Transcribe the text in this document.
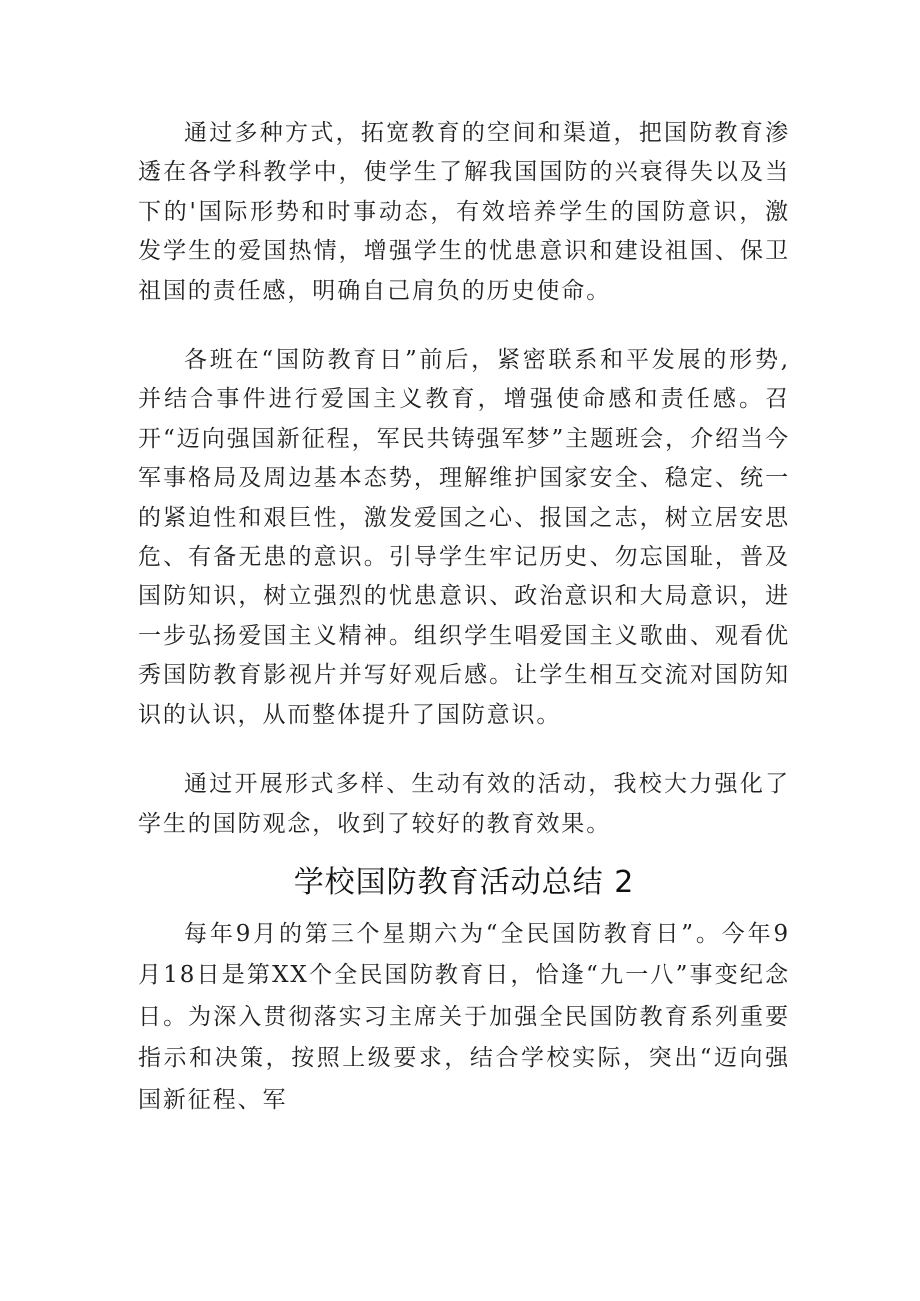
通过多种方式，拓宽教育的空间和渠道，把国防教育渗透在各学科教学中，使学生了解我国国防的兴衰得失以及当下的'国际形势和时事动态，有效培养学生的国防意识，激发学生的爱国热情，增强学生的忧患意识和建设祖国、保卫祖国的责任感，明确自己肩负的历史使命。

各班在“国防教育日”前后，紧密联系和平发展的形势,并结合事件进行爱国主义教育，增强使命感和责任感。召开“迈向强国新征程，军民共铸强军梦”主题班会，介绍当今军事格局及周边基本态势，理解维护国家安全、稳定、统一的紧迫性和艰巨性，激发爱国之心、报国之志，树立居安思危、有备无患的意识。引导学生牢记历史、勿忘国耻，普及国防知识，树立强烈的忧患意识、政治意识和大局意识，进一步弘扬爱国主义精神。组织学生唱爱国主义歌曲、观看优秀国防教育影视片并写好观后感。让学生相互交流对国防知识的认识，从而整体提升了国防意识。

通过开展形式多样、生动有效的活动，我校大力强化了学生的国防观念，收到了较好的教育效果。

学校国防教育活动总结 2

每年9月的第三个星期六为“全民国防教育日”。今年9月18日是第XX个全民国防教育日，恰逢“九一八”事变纪念日。为深入贯彻落实习主席关于加强全民国防教育系列重要指示和决策，按照上级要求，结合学校实际，突出“迈向强国新征程、军
